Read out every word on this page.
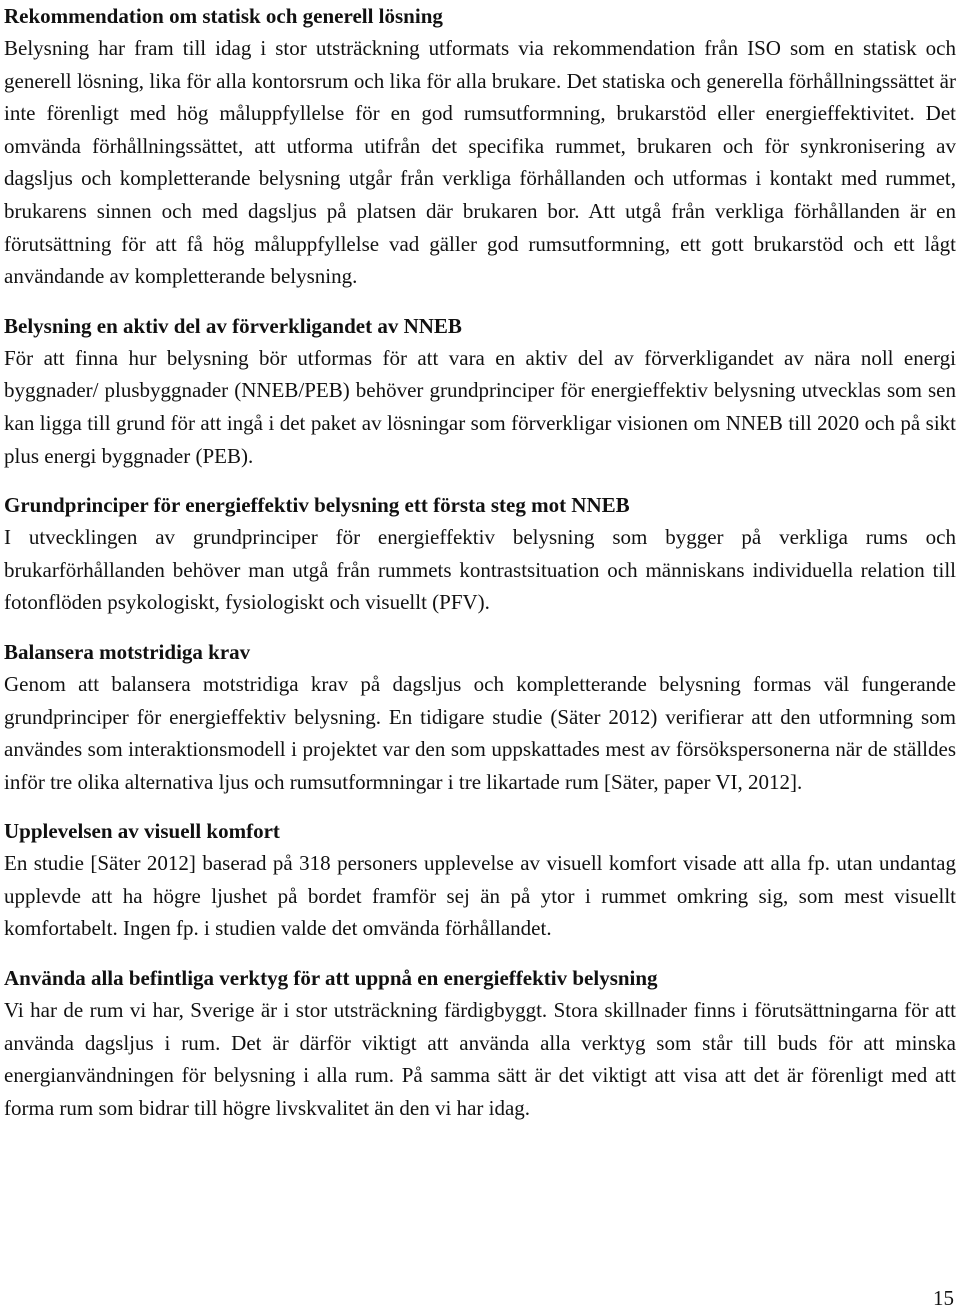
Rekommendation om statisk och generell lösning

Belysning har fram till idag i stor utsträckning utformats via rekommendation från ISO som en statisk och generell lösning, lika för alla kontorsrum och lika för alla brukare. Det statiska och generella förhållningssättet är inte förenligt med hög måluppfyllelse för en god rumsutformning, brukarstöd eller energieffektivitet. Det omvända förhållningssättet, att utforma utifrån det specifika rummet, brukaren och för synkronisering av dagsljus och kompletterande belysning utgår från verkliga förhållanden och utformas i kontakt med rummet, brukarens sinnen och med dagsljus på platsen där brukaren bor. Att utgå från verkliga förhållanden är en förutsättning för att få hög måluppfyllelse vad gäller god rumsutformning, ett gott brukarstöd och ett lågt användande av kompletterande belysning.

Belysning en aktiv del av förverkligandet av NNEB

För att finna hur belysning bör utformas för att vara en aktiv del av förverkligandet av nära noll energi byggnader/ plusbyggnader (NNEB/PEB) behöver grundprinciper för energieffektiv belysning utvecklas som sen kan ligga till grund för att ingå i det paket av lösningar som förverkligar visionen om NNEB till 2020 och på sikt plus energi byggnader (PEB).

Grundprinciper för energieffektiv belysning ett första steg mot NNEB

I utvecklingen av grundprinciper för energieffektiv belysning som bygger på verkliga rums och brukarförhållanden behöver man utgå från rummets kontrastsituation och människans individuella relation till fotonflöden psykologiskt, fysiologiskt och visuellt (PFV).

Balansera motstridiga krav

Genom att balansera motstridiga krav på dagsljus och kompletterande belysning formas väl fungerande grundprinciper för energieffektiv belysning. En tidigare studie (Säter 2012) verifierar att den utformning som användes som interaktionsmodell i projektet var den som uppskattades mest av försökspersonerna när de ställdes inför tre olika alternativa ljus och rumsutformningar i tre likartade rum [Säter, paper VI, 2012].

Upplevelsen av visuell komfort

En studie [Säter 2012] baserad på 318 personers upplevelse av visuell komfort visade att alla fp. utan undantag upplevde att ha högre ljushet på bordet framför sej än på ytor i rummet omkring sig, som mest visuellt komfortabelt. Ingen fp. i studien valde det omvända förhållandet.

Använda alla befintliga verktyg för att uppnå en energieffektiv belysning

Vi har de rum vi har, Sverige är i stor utsträckning färdigbyggt. Stora skillnader finns i förutsättningarna för att använda dagsljus i rum. Det är därför viktigt att använda alla verktyg som står till buds för att minska energianvändningen för belysning i alla rum. På samma sätt är det viktigt att visa att det är förenligt med att forma rum som bidrar till högre livskvalitet än den vi har idag.

15
